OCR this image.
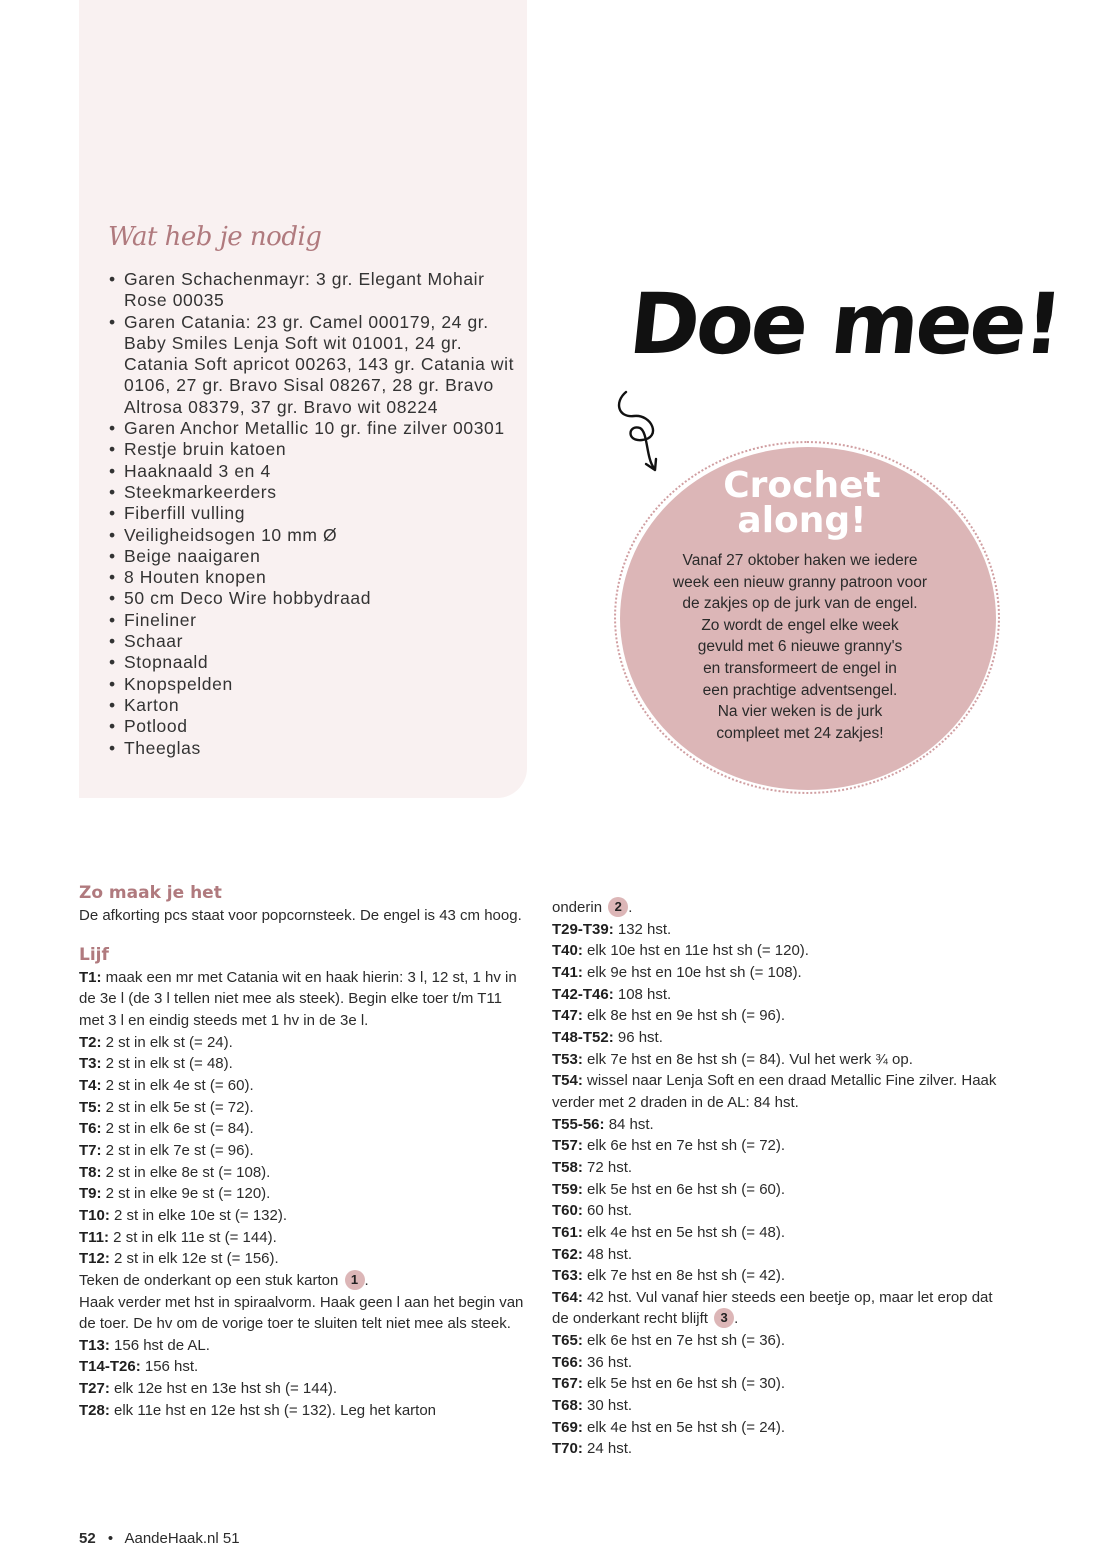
Wat heb je nodig
• Garen Schachenmayr: 3 gr. Elegant Mohair Rose 00035
• Garen Catania: 23 gr. Camel 000179, 24 gr. Baby Smiles Lenja Soft wit 01001, 24 gr. Catania Soft apricot 00263, 143 gr. Catania wit 0106, 27 gr. Bravo Sisal 08267, 28 gr. Bravo Altrosa 08379, 37 gr. Bravo wit 08224
• Garen Anchor Metallic 10 gr. fine zilver 00301
• Restje bruin katoen
• Haaknaald 3 en 4
• Steekmarkeerders
• Fiberfill vulling
• Veiligheidsogen 10 mm Ø
• Beige naaigaren
• 8 Houten knopen
• 50 cm Deco Wire hobbydraad
• Fineliner
• Schaar
• Stopnaald
• Knopspelden
• Karton
• Potlood
• Theeglas
Doe mee!
Crochet
along!
Vanaf 27 oktober haken we iedere
week een nieuw granny patroon voor
de zakjes op de jurk van de engel.
Zo wordt de engel elke week
gevuld met 6 nieuwe granny's
en transformeert de engel in
een prachtige adventsengel.
Na vier weken is de jurk
compleet met 24 zakjes!
Zo maak je het

De afkorting pcs staat voor popcornsteek. De engel is 43 cm hoog.

Lijf

T1: maak een mr met Catania wit en haak hierin: 3 l, 12 st, 1 hv in de 3e l (de 3 l tellen niet mee als steek). Begin elke toer t/m T11 met 3 l en eindig steeds met 1 hv in de 3e l.

T2: 2 st in elk st (= 24).

T3: 2 st in elk st (= 48).

T4: 2 st in elk 4e st (= 60).

T5: 2 st in elk 5e st (= 72).

T6: 2 st in elk 6e st (= 84).

T7: 2 st in elk 7e st (= 96).

T8: 2 st in elke 8e st (= 108).

T9: 2 st in elke 9e st (= 120).

T10: 2 st in elke 10e st (= 132).

T11: 2 st in elk 11e st (= 144).

T12: 2 st in elk 12e st (= 156).

Teken de onderkant op een stuk karton 1 .

Haak verder met hst in spiraalvorm. Haak geen l aan het begin van de toer. De hv om de vorige toer te sluiten telt niet mee als steek.

T13: 156 hst de AL.

T14-T26: 156 hst.

T27: elk 12e hst en 13e hst sh (= 144).

T28: elk 11e hst en 12e hst sh (= 132). Leg het karton

onderin 2 .

T29-T39: 132 hst.

T40: elk 10e hst en 11e hst sh (= 120).

T41: elk 9e hst en 10e hst sh (= 108).

T42-T46: 108 hst.

T47: elk 8e hst en 9e hst sh (= 96).

T48-T52: 96 hst.

T53: elk 7e hst en 8e hst sh (= 84). Vul het werk ¾ op.

T54: wissel naar Lenja Soft en een draad Metallic Fine zilver. Haak verder met 2 draden in de AL: 84 hst.

T55-56: 84 hst.

T57: elk 6e hst en 7e hst sh (= 72).

T58: 72 hst.

T59: elk 5e hst en 6e hst sh (= 60).

T60: 60 hst.

T61: elk 4e hst en 5e hst sh (= 48).

T62: 48 hst.

T63: elk 7e hst en 8e hst sh (= 42).

T64: 42 hst. Vul vanaf hier steeds een beetje op, maar let erop dat de onderkant recht blijft 3 .

T65: elk 6e hst en 7e hst sh (= 36).

T66: 36 hst.

T67: elk 5e hst en 6e hst sh (= 30).

T68: 30 hst.

T69: elk 4e hst en 5e hst sh (= 24).

T70: 24 hst.

52 • AandeHaak.nl 51
